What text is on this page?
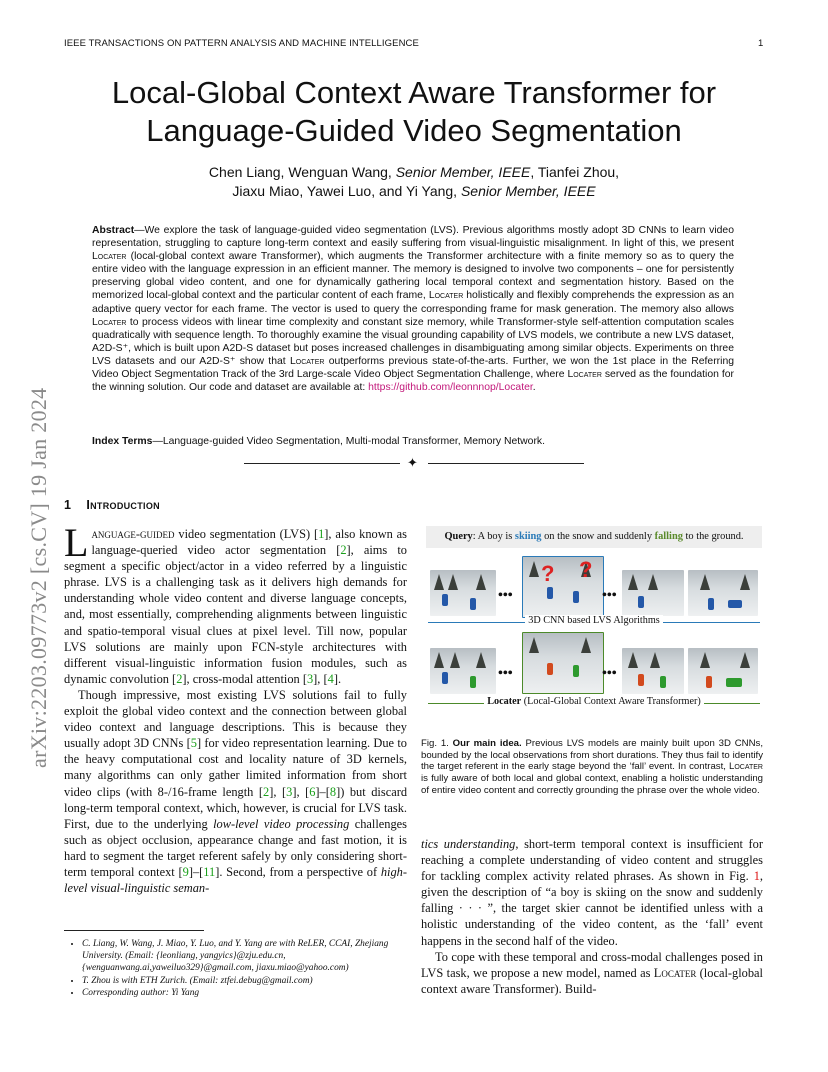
IEEE TRANSACTIONS ON PATTERN ANALYSIS AND MACHINE INTELLIGENCE	1
arXiv:2203.09773v2 [cs.CV] 19 Jan 2024
Local-Global Context Aware Transformer for
Language-Guided Video Segmentation
Chen Liang, Wenguan Wang, Senior Member, IEEE, Tianfei Zhou,
Jiaxu Miao, Yawei Luo, and Yi Yang, Senior Member, IEEE
Abstract—We explore the task of language-guided video segmentation (LVS). Previous algorithms mostly adopt 3D CNNs to learn video representation, struggling to capture long-term context and easily suffering from visual-linguistic misalignment. In light of this, we present Locater (local-global context aware Transformer), which augments the Transformer architecture with a finite memory so as to query the entire video with the language expression in an efficient manner. The memory is designed to involve two components – one for persistently preserving global video content, and one for dynamically gathering local temporal context and segmentation history. Based on the memorized local-global context and the particular content of each frame, Locater holistically and flexibly comprehends the expression as an adaptive query vector for each frame. The vector is used to query the corresponding frame for mask generation. The memory also allows Locater to process videos with linear time complexity and constant size memory, while Transformer-style self-attention computation scales quadratically with sequence length. To thoroughly examine the visual grounding capability of LVS models, we contribute a new LVS dataset, A2D-S⁺, which is built upon A2D-S dataset but poses increased challenges in disambiguating among similar objects. Experiments on three LVS datasets and our A2D-S⁺ show that Locater outperforms previous state-of-the-arts. Further, we won the 1st place in the Referring Video Object Segmentation Track of the 3rd Large-scale Video Object Segmentation Challenge, where Locater served as the foundation for the winning solution. Our code and dataset are available at: https://github.com/leonnnop/Locater.
Index Terms—Language-guided Video Segmentation, Multi-modal Transformer, Memory Network.
✦
1 Introduction

Language-guided video segmentation (LVS) [1], also known as language-queried video actor segmentation [2], aims to segment a specific object/actor in a video referred by a linguistic phrase. LVS is a challenging task as it delivers high demands for understanding whole video content and diverse language concepts, and, most essentially, comprehending alignments between linguistic and spatio-temporal visual clues at pixel level. Till now, popular LVS solutions are mainly upon FCN-style architectures with different visual-linguistic information fusion modules, such as dynamic convolution [2], cross-modal attention [3], [4].

Though impressive, most existing LVS solutions fail to fully exploit the global video context and the connection between global video context and language descriptions. This is because they usually adopt 3D CNNs [5] for video representation learning. Due to the heavy computational cost and locality nature of 3D kernels, many algorithms can only gather limited information from short video clips (with 8-/16-frame length [2], [3], [6]–[8]) but discard long-term temporal context, which, however, is crucial for LVS task. First, due to the underlying low-level video processing challenges such as object occlusion, appearance change and fast motion, it is hard to segment the target referent safely by only considering short-term temporal context [9]–[11]. Second, from a perspective of high-level visual-linguistic seman-

• C. Liang, W. Wang, J. Miao, Y. Luo, and Y. Yang are with ReLER, CCAI, Zhejiang University. (Email: {leonliang, yangyics}@zju.edu.cn, {wenguanwang.ai,yaweiluo329}@gmail.com, jiaxu.miao@yahoo.com)
• T. Zhou is with ETH Zurich. (Email: ztfei.debug@gmail.com)
• Corresponding author: Yi Yang
Query: A boy is skiing on the snow and suddenly falling to the ground.
•••
? ?
•••
3D CNN based LVS Algorithms
•••	•••
Locater (Local-Global Context Aware Transformer)
Fig. 1. Our main idea. Previous LVS models are mainly built upon 3D CNNs, bounded by the local observations from short durations. They thus fail to identify the target referent in the early stage beyond the ‘fall’ event. In contrast, Locater is fully aware of both local and global context, enabling a holistic understanding of entire video content and correctly grounding the phrase over the whole video.

tics understanding, short-term temporal context is insufficient for reaching a complete understanding of video content and struggles for tackling complex activity related phrases. As shown in Fig. 1, given the description of “a boy is skiing on the snow and suddenly falling · · · ”, the target skier cannot be identified unless with a holistic understanding of the video content, as the ‘fall’ event happens in the second half of the video.

To cope with these temporal and cross-modal challenges posed in LVS task, we propose a new model, named as Locater (local-global context aware Transformer). Build-
